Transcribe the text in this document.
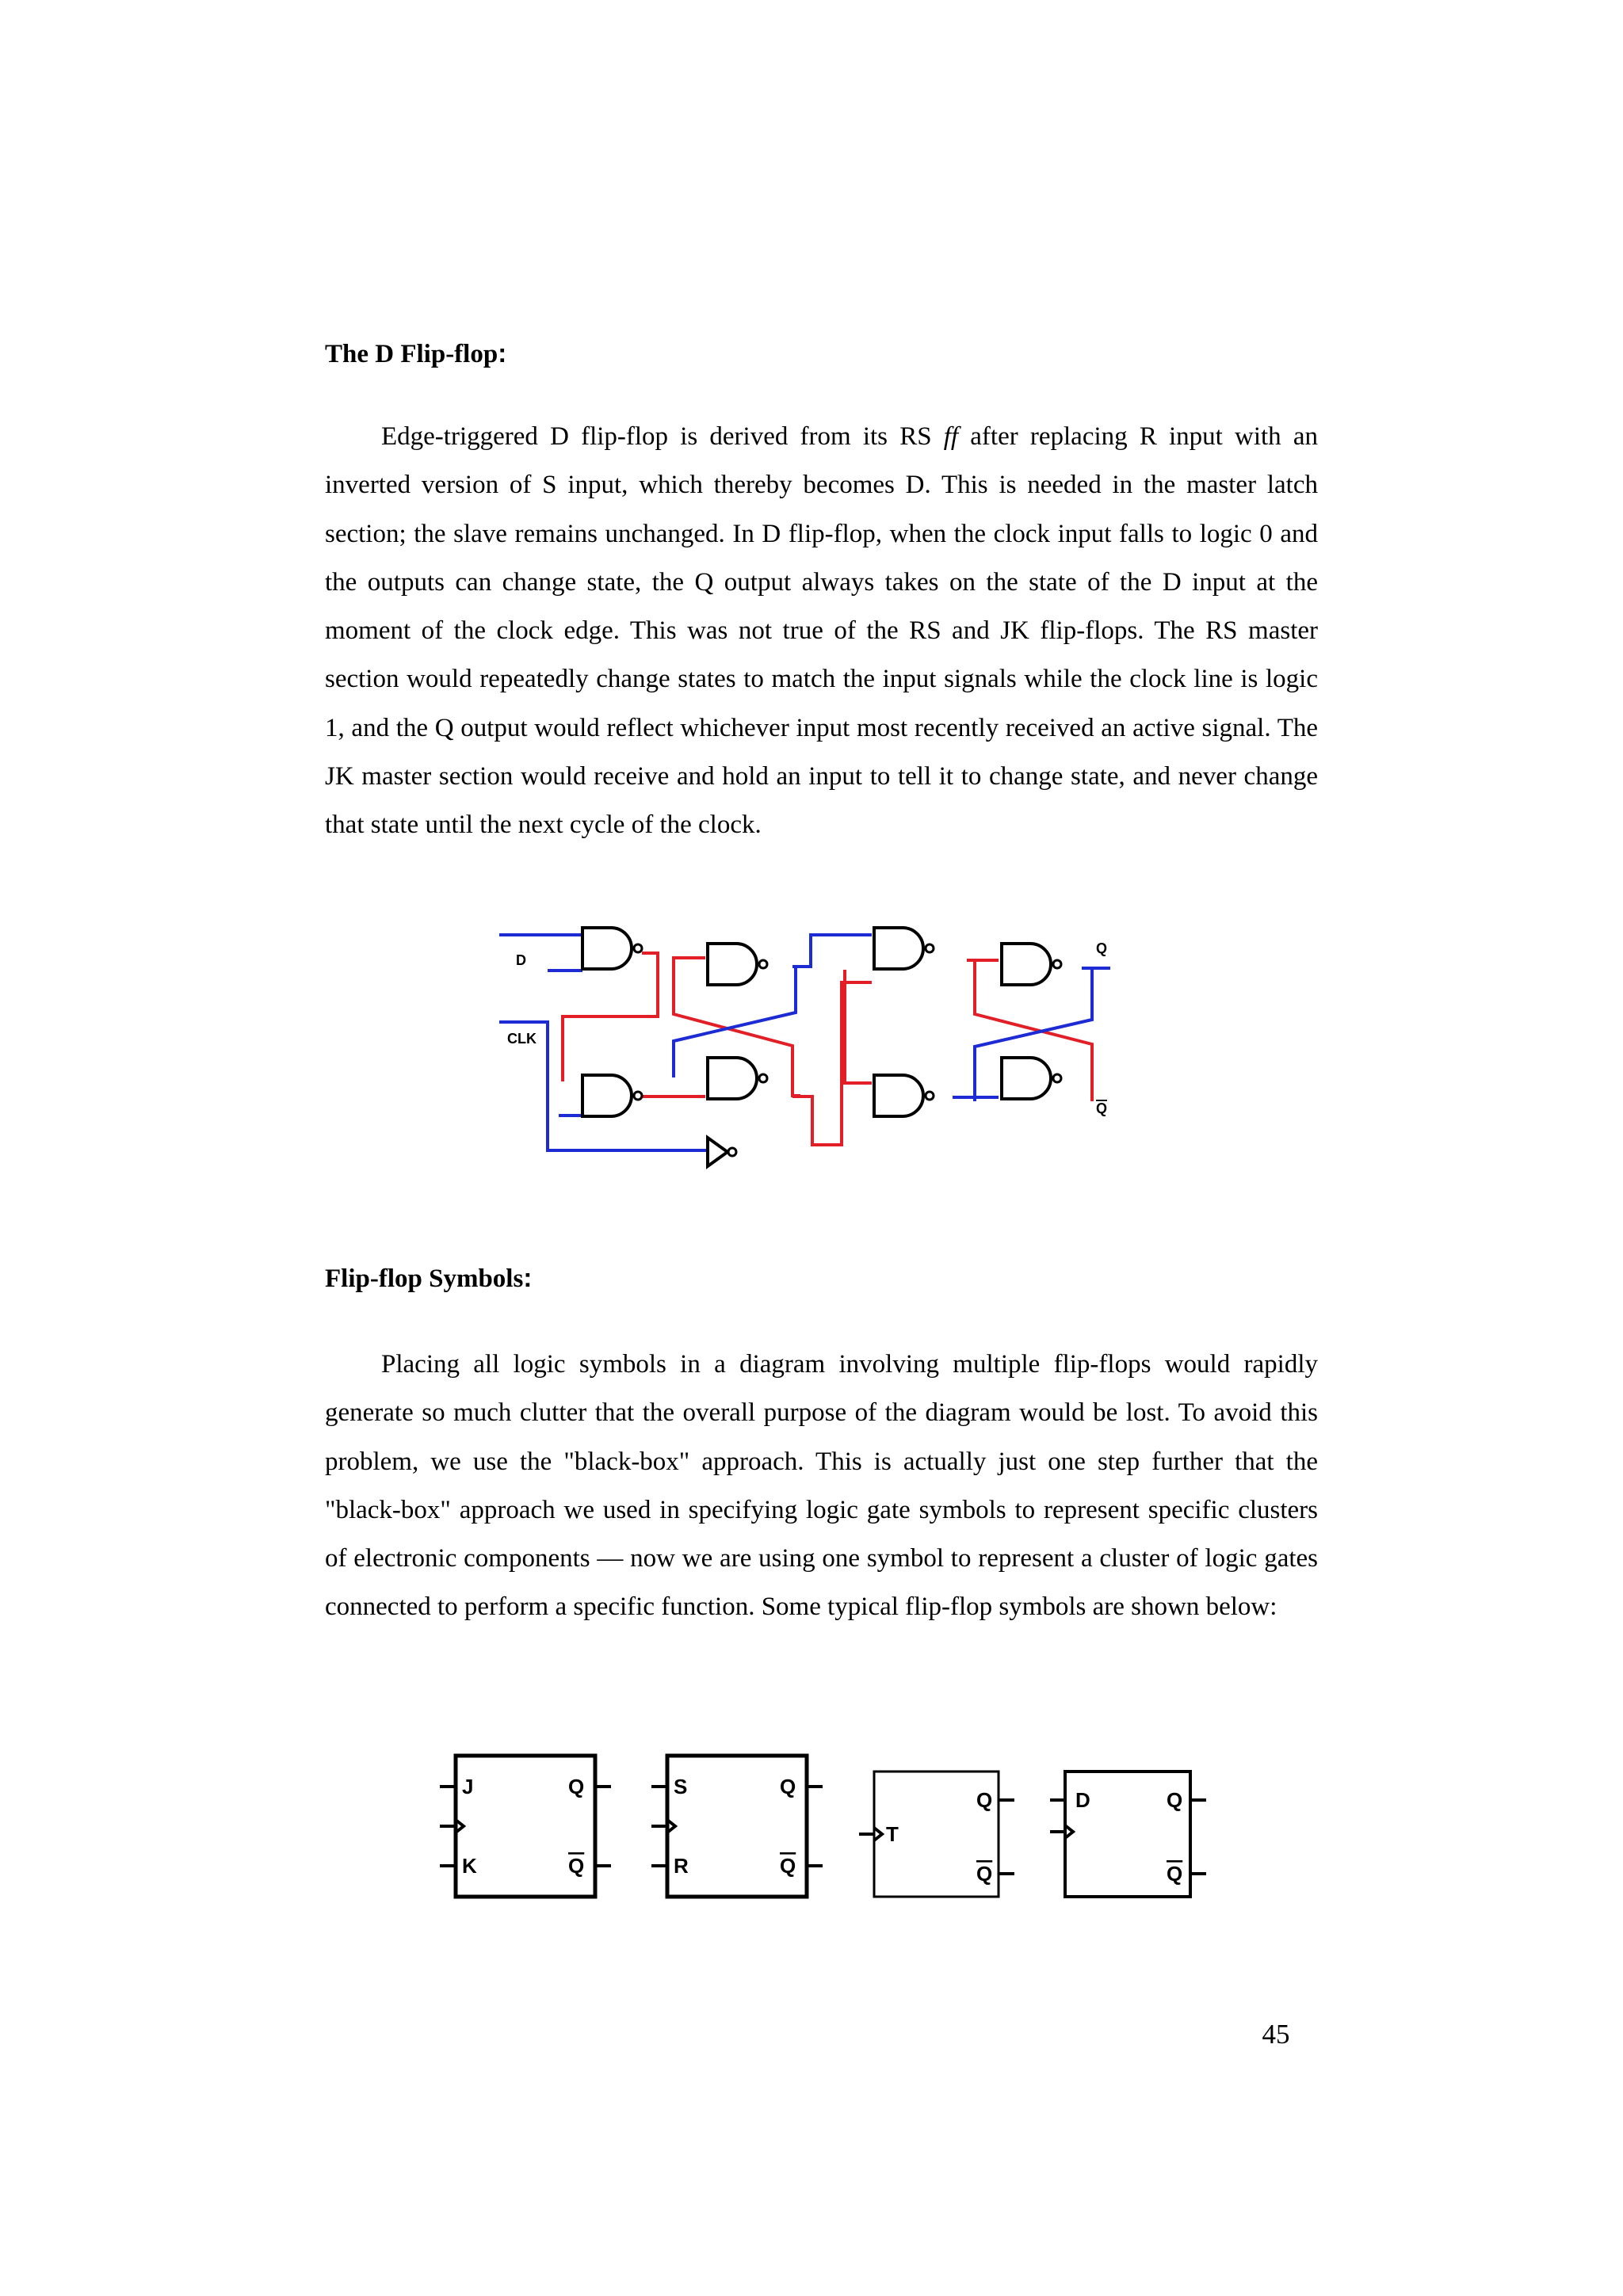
The D Flip-flop:

Edge-triggered D flip-flop is derived from its RS ff after replacing R input with an inverted version of S input, which thereby becomes D. This is needed in the master latch section; the slave remains unchanged. In D flip-flop, when the clock input falls to logic 0 and the outputs can change state, the Q output always takes on the state of the D input at the moment of the clock edge. This was not true of the RS and JK flip-flops. The RS master section would repeatedly change states to match the input signals while the clock line is logic 1, and the Q output would reflect whichever input most recently received an active signal. The JK master section would receive and hold an input to tell it to change state, and never change that state until the next cycle of the clock.

D
CLK
Q
Q
Flip-flop Symbols:

Placing all logic symbols in a diagram involving multiple flip-flops would rapidly generate so much clutter that the overall purpose of the diagram would be lost. To avoid this problem, we use the "black-box" approach. This is actually just one step further that the "black-box" approach we used in specifying logic gate symbols to represent specific clusters of electronic components — now we are using one symbol to represent a cluster of logic gates connected to perform a specific function. Some typical flip-flop symbols are shown below:

J
K
Q
Q
S
R
Q
Q
T
Q
Q
D	Q
Q
45
